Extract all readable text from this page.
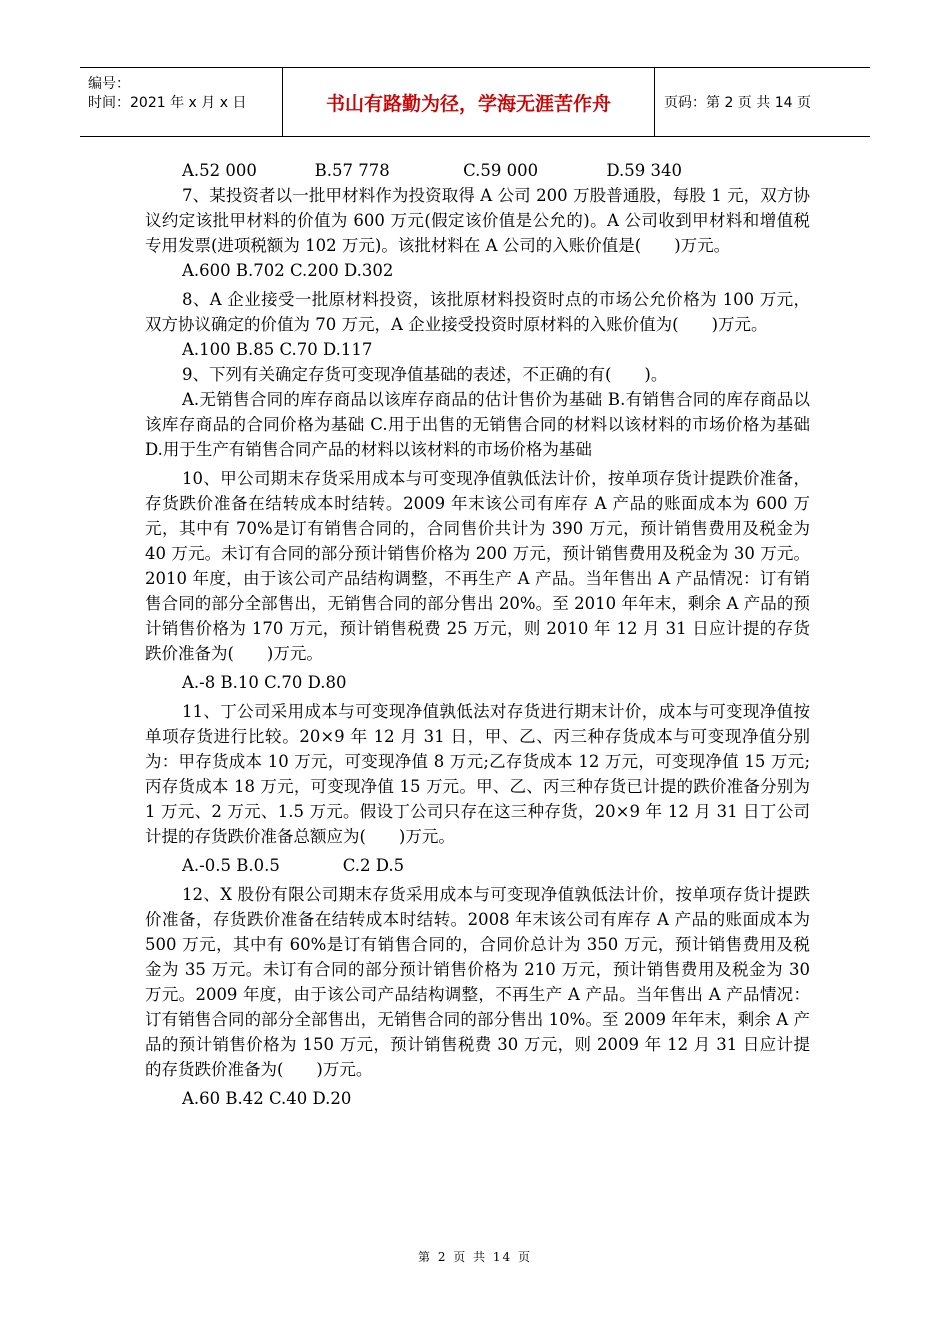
编号：
时间：2021 年 x 月 x 日	书山有路勤为径，学海无涯苦作舟	页码：第 2 页 共 14 页

A.52 000           B.57 778              C.59 000             D.59 340

7、某投资者以一批甲材料作为投资取得 A 公司 200 万股普通股，每股 1 元，双方协议约定该批甲材料的价值为 600 万元(假定该价值是公允的)。A 公司收到甲材料和增值税专用发票(进项税额为 102 万元)。该批材料在 A 公司的入账价值是(　　)万元。

A.600 B.702 C.200 D.302

8、A 企业接受一批原材料投资，该批原材料投资时点的市场公允价格为 100 万元，双方协议确定的价值为 70 万元，A 企业接受投资时原材料的入账价值为(　　)万元。

A.100 B.85 C.70 D.117

9、下列有关确定存货可变现净值基础的表述，不正确的有(　　)。

A.无销售合同的库存商品以该库存商品的估计售价为基础 B.有销售合同的库存商品以该库存商品的合同价格为基础 C.用于出售的无销售合同的材料以该材料的市场价格为基础 D.用于生产有销售合同产品的材料以该材料的市场价格为基础

10、甲公司期末存货采用成本与可变现净值孰低法计价，按单项存货计提跌价准备，存货跌价准备在结转成本时结转。2009 年末该公司有库存 A 产品的账面成本为 600 万元，其中有 70%是订有销售合同的，合同售价共计为 390 万元，预计销售费用及税金为 40 万元。未订有合同的部分预计销售价格为 200 万元，预计销售费用及税金为 30 万元。2010 年度，由于该公司产品结构调整，不再生产 A 产品。当年售出 A 产品情况：订有销售合同的部分全部售出，无销售合同的部分售出 20%。至 2010 年年末，剩余 A 产品的预计销售价格为 170 万元，预计销售税费 25 万元，则 2010 年 12 月 31 日应计提的存货跌价准备为(　　)万元。

A.-8 B.10 C.70 D.80

11、丁公司采用成本与可变现净值孰低法对存货进行期末计价，成本与可变现净值按单项存货进行比较。20×9 年 12 月 31 日，甲、乙、丙三种存货成本与可变现净值分别为：甲存货成本 10 万元，可变现净值 8 万元;乙存货成本 12 万元，可变现净值 15 万元;丙存货成本 18 万元，可变现净值 15 万元。甲、乙、丙三种存货已计提的跌价准备分别为 1 万元、2 万元、1.5 万元。假设丁公司只存在这三种存货，20×9 年 12 月 31 日丁公司计提的存货跌价准备总额应为(　　)万元。

A.-0.5 B.0.5            C.2 D.5

12、X 股份有限公司期末存货采用成本与可变现净值孰低法计价，按单项存货计提跌价准备，存货跌价准备在结转成本时结转。2008 年末该公司有库存 A 产品的账面成本为 500 万元，其中有 60%是订有销售合同的，合同价总计为 350 万元，预计销售费用及税金为 35 万元。未订有合同的部分预计销售价格为 210 万元，预计销售费用及税金为 30 万元。2009 年度，由于该公司产品结构调整，不再生产 A 产品。当年售出 A 产品情况：订有销售合同的部分全部售出，无销售合同的部分售出 10%。至 2009 年年末，剩余 A 产品的预计销售价格为 150 万元，预计销售税费 30 万元，则 2009 年 12 月 31 日应计提的存货跌价准备为(　　)万元。

A.60 B.42 C.40 D.20

第 2 页 共 14 页
